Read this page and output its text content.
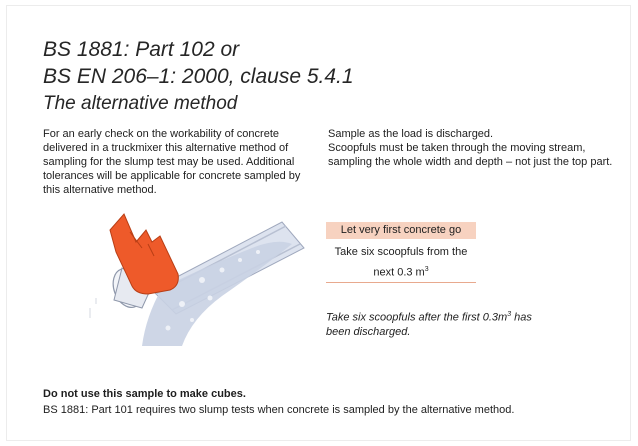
BS 1881: Part 102 or
BS EN 206–1: 2000, clause 5.4.1
The alternative method

For an early check on the workability of concrete delivered in a truckmixer this alternative method of sampling for the slump test may be used. Additional tolerances will be applicable for concrete sampled by this alternative method.

Sample as the load is discharged.
Scoopfuls must be taken through the moving stream, sampling the whole width and depth – not just the top part.
Let very first concrete go
Take six scoopfuls from the
next 0.3 $m^3$

Take six scoopfuls after the first $0.3m^3$ has been discharged.

Do not use this sample to make cubes.

BS 1881: Part 101 requires two slump tests when concrete is sampled by the alternative method.
